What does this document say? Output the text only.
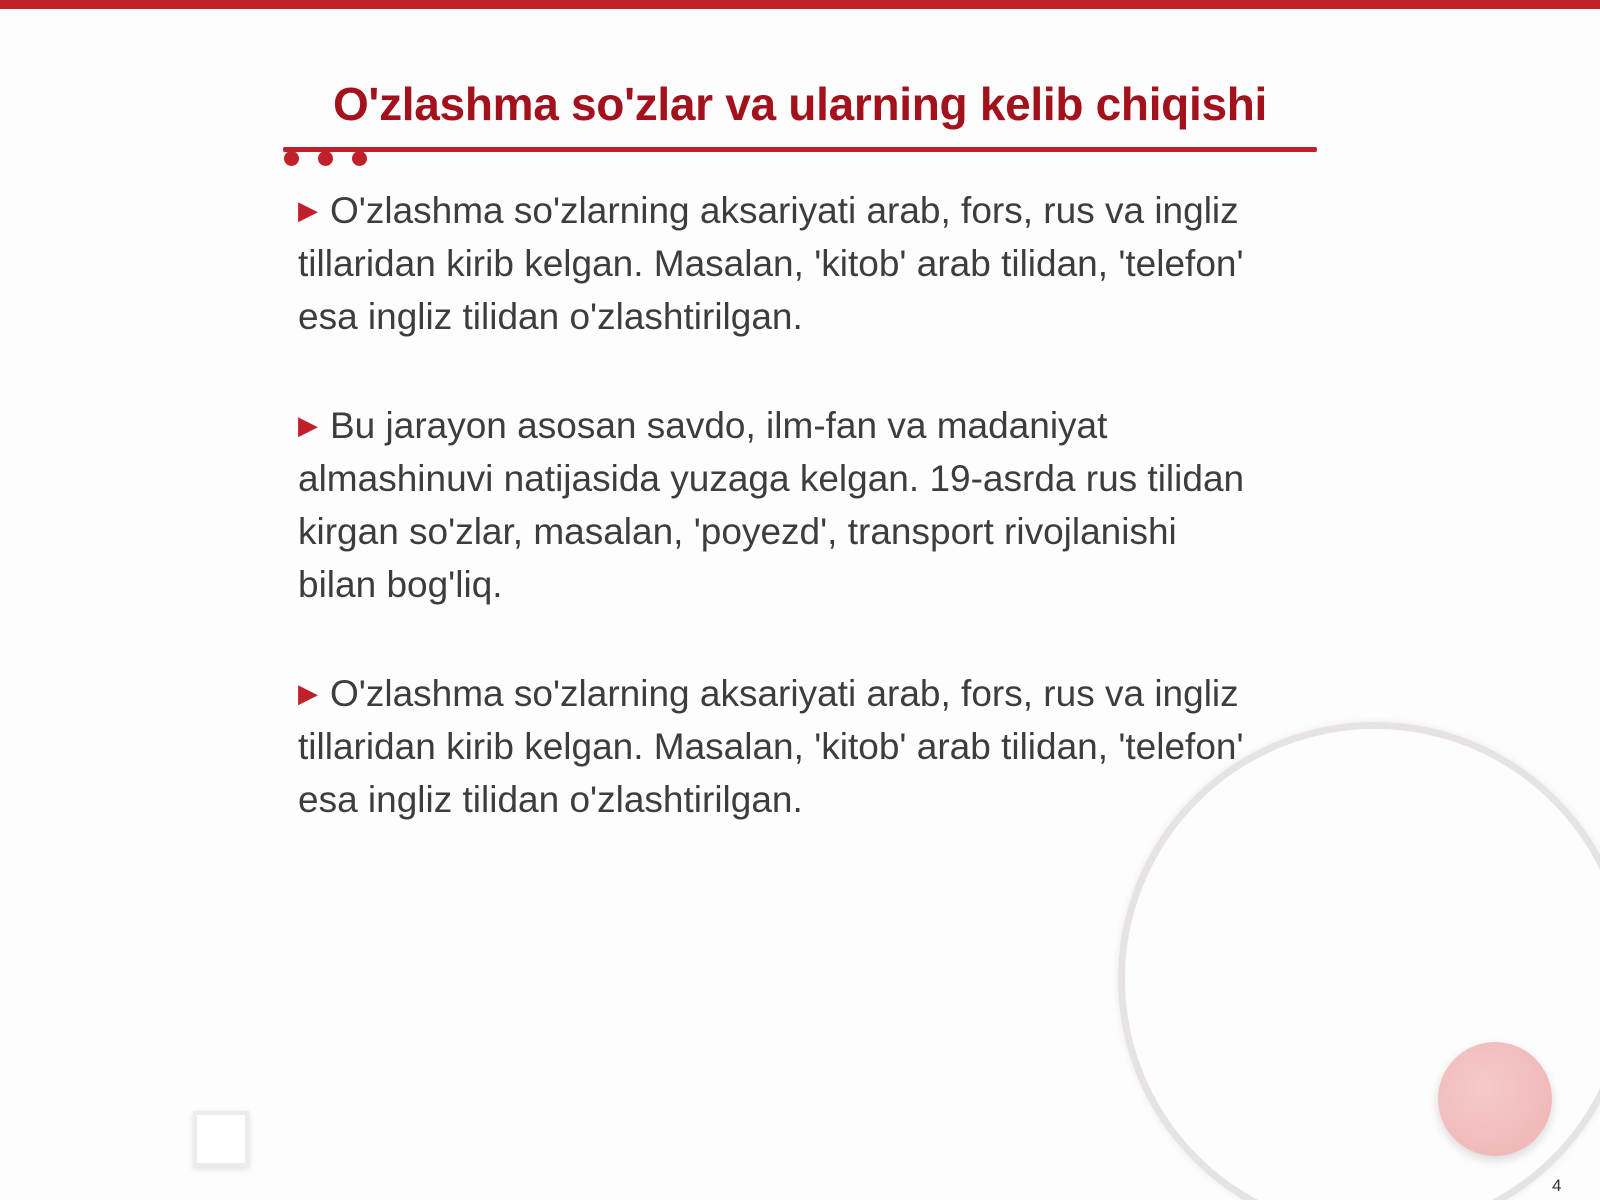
O'zlashma so'zlar va ularning kelib chiqishi
▶ O'zlashma so'zlarning aksariyati arab, fors, rus va ingliz tillaridan kirib kelgan. Masalan, 'kitob' arab tilidan, 'telefon' esa ingliz tilidan o'zlashtirilgan.
▶ Bu jarayon asosan savdo, ilm-fan va madaniyat almashinuvi natijasida yuzaga kelgan. 19-asrda rus tilidan kirgan so'zlar, masalan, 'poyezd', transport rivojlanishi bilan bog'liq.
▶ O'zlashma so'zlarning aksariyati arab, fors, rus va ingliz tillaridan kirib kelgan. Masalan, 'kitob' arab tilidan, 'telefon' esa ingliz tilidan o'zlashtirilgan.
4
